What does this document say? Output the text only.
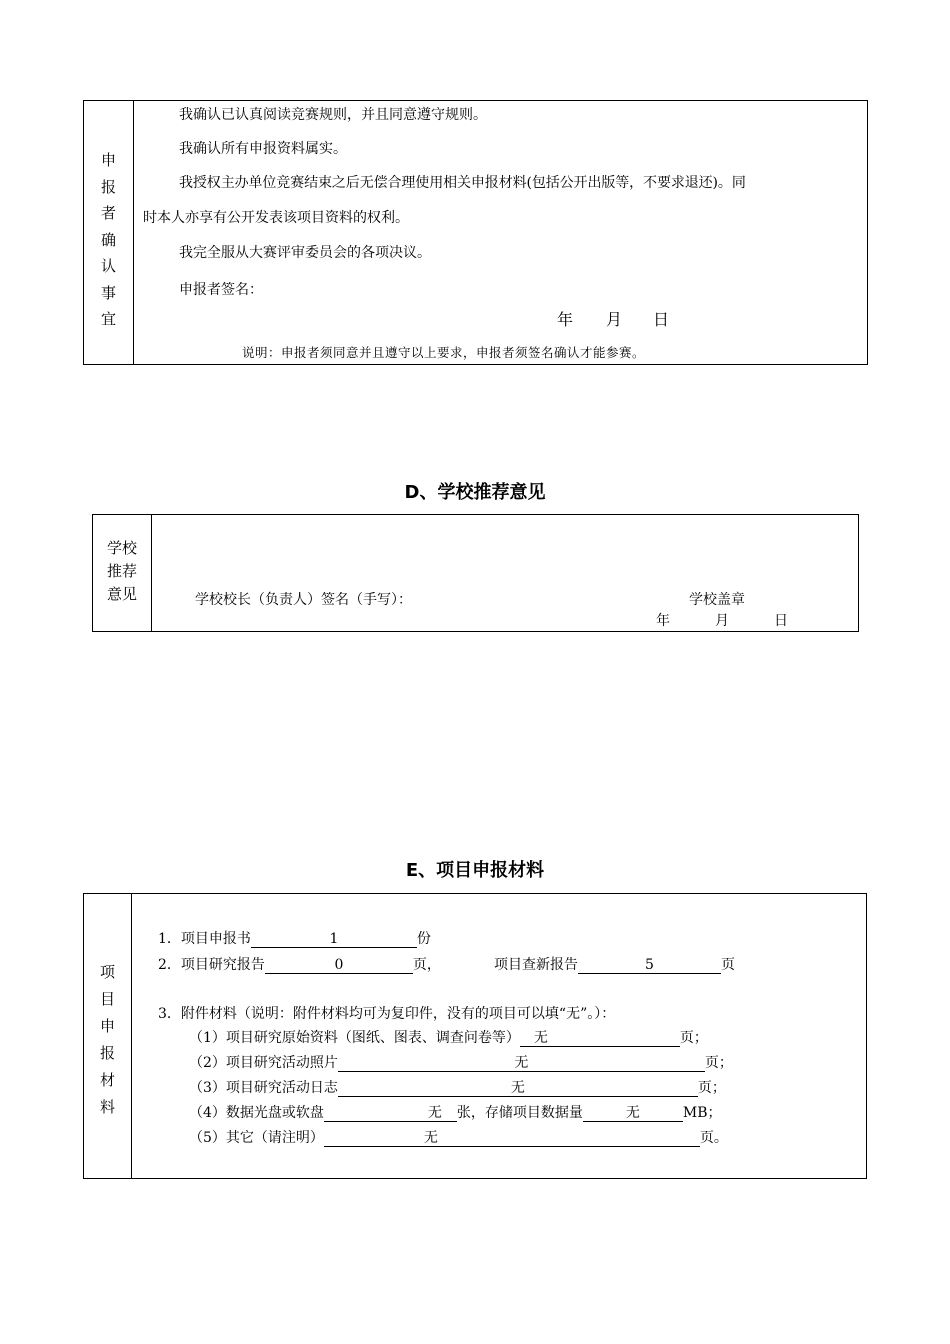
申
报
者
确
认
事
宜
我确认已认真阅读竞赛规则，并且同意遵守规则。
我确认所有申报资料属实。
我授权主办单位竞赛结束之后无偿合理使用相关申报材料(包括公开出版等，不要求退还)。同
时本人亦享有公开发表该项目资料的权利。
我完全服从大赛评审委员会的各项决议。
申报者签名：
年 月 日
说明：申报者须同意并且遵守以上要求，申报者须签名确认才能参赛。
D、学校推荐意见
学校
推荐
意见	学校校长（负责人）签名（手写）：	学校盖章
年	月	日
E、项目申报材料
项
目
申
报
材
料
1．项目申报书	1	份
2．项目研究报告	0	页，	项目查新报告	5	页
3．附件材料（说明：附件材料均可为复印件，没有的项目可以填“无”。）：
（1）项目研究原始资料（图纸、图表、调查问卷等） 无	页；
（2）项目研究活动照片	无	页；
（3）项目研究活动日志	无	页；
（4）数据光盘或软盘	无 张，存储项目数据量	无	MB；
（5）其它（请注明）	无	页。
